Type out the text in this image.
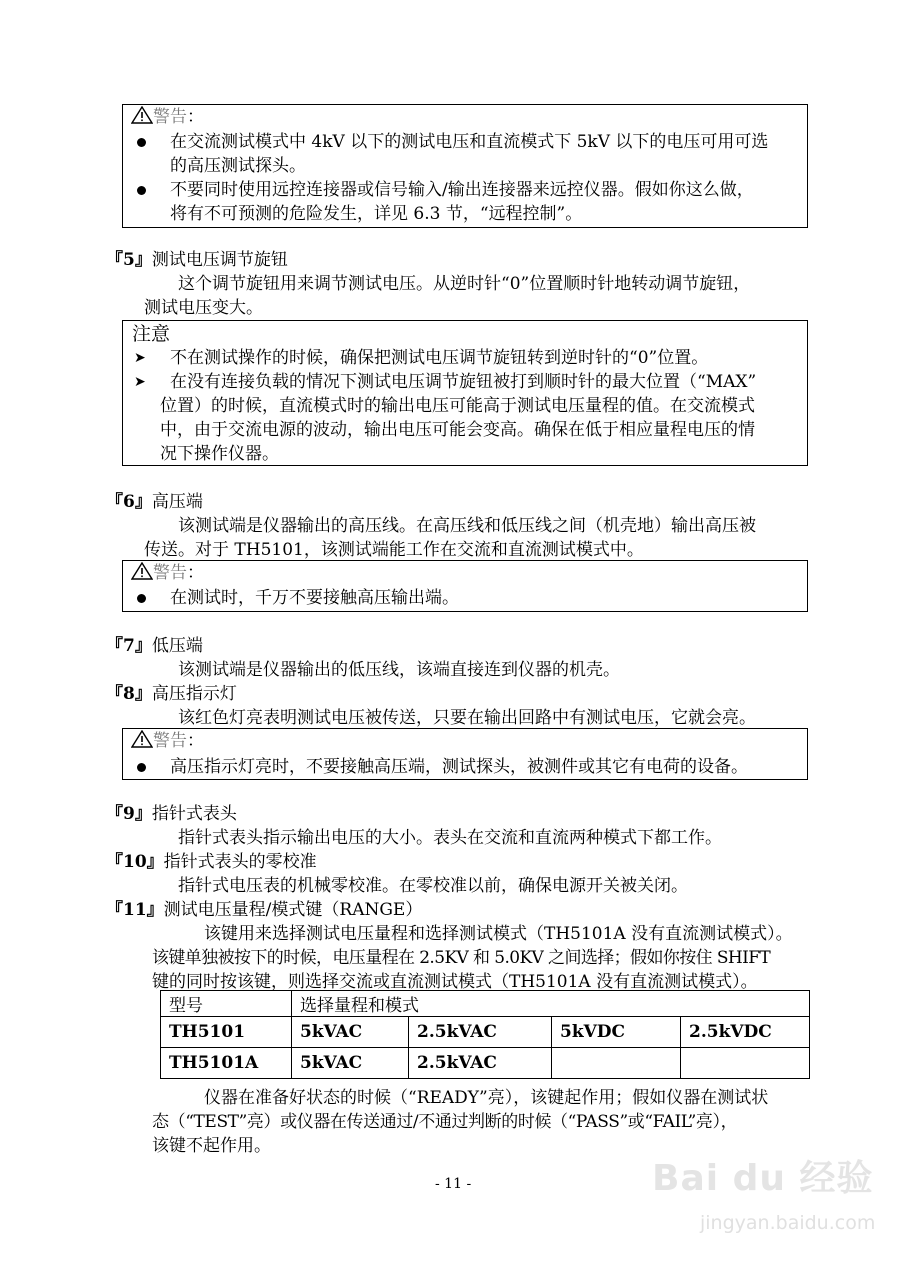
警告：
在交流测试模式中 4kV 以下的测试电压和直流模式下 5kV 以下的电压可用可选
的高压测试探头。
不要同时使用远控连接器或信号输入/输出连接器来远控仪器。假如你这么做，
将有不可预测的危险发生，详见 6.3 节，“远程控制”。
『5』测试电压调节旋钮
这个调节旋钮用来调节测试电压。从逆时针“0”位置顺时针地转动调节旋钮，
测试电压变大。
注意
➤ 不在测试操作的时候，确保把测试电压调节旋钮转到逆时针的“0”位置。
➤ 在没有连接负载的情况下测试电压调节旋钮被打到顺时针的最大位置（“MAX”
位置）的时候，直流模式时的输出电压可能高于测试电压量程的值。在交流模式
中，由于交流电源的波动，输出电压可能会变高。确保在低于相应量程电压的情
况下操作仪器。
『6』高压端
该测试端是仪器输出的高压线。在高压线和低压线之间（机壳地）输出高压被
传送。对于 TH5101，该测试端能工作在交流和直流测试模式中。
警告：
在测试时，千万不要接触高压输出端。
『7』低压端
该测试端是仪器输出的低压线，该端直接连到仪器的机壳。
『8』高压指示灯
该红色灯亮表明测试电压被传送，只要在输出回路中有测试电压，它就会亮。
警告：
高压指示灯亮时，不要接触高压端，测试探头，被测件或其它有电荷的设备。
『9』指针式表头
指针式表头指示输出电压的大小。表头在交流和直流两种模式下都工作。
『10』指针式表头的零校准
指针式电压表的机械零校准。在零校准以前，确保电源开关被关闭。
『11』测试电压量程/模式键（RANGE）
该键用来选择测试电压量程和选择测试模式（TH5101A 没有直流测试模式）。
该键单独被按下的时候，电压量程在 2.5KV 和 5.0KV 之间选择；假如你按住 SHIFT
键的同时按该键，则选择交流或直流测试模式（TH5101A 没有直流测试模式）。
型号	选择量程和模式			
TH5101	5kVAC	2.5kVAC	5kVDC	2.5kVDC
TH5101A	5kVAC	2.5kVAC		
仪器在准备好状态的时候（“READY”亮），该键起作用；假如仪器在测试状
态（“TEST”亮）或仪器在传送通过/不通过判断的时候（“PASS”或“FAIL”亮），
该键不起作用。
- 11 -	Bai du 经验
jingyan.baidu.com
